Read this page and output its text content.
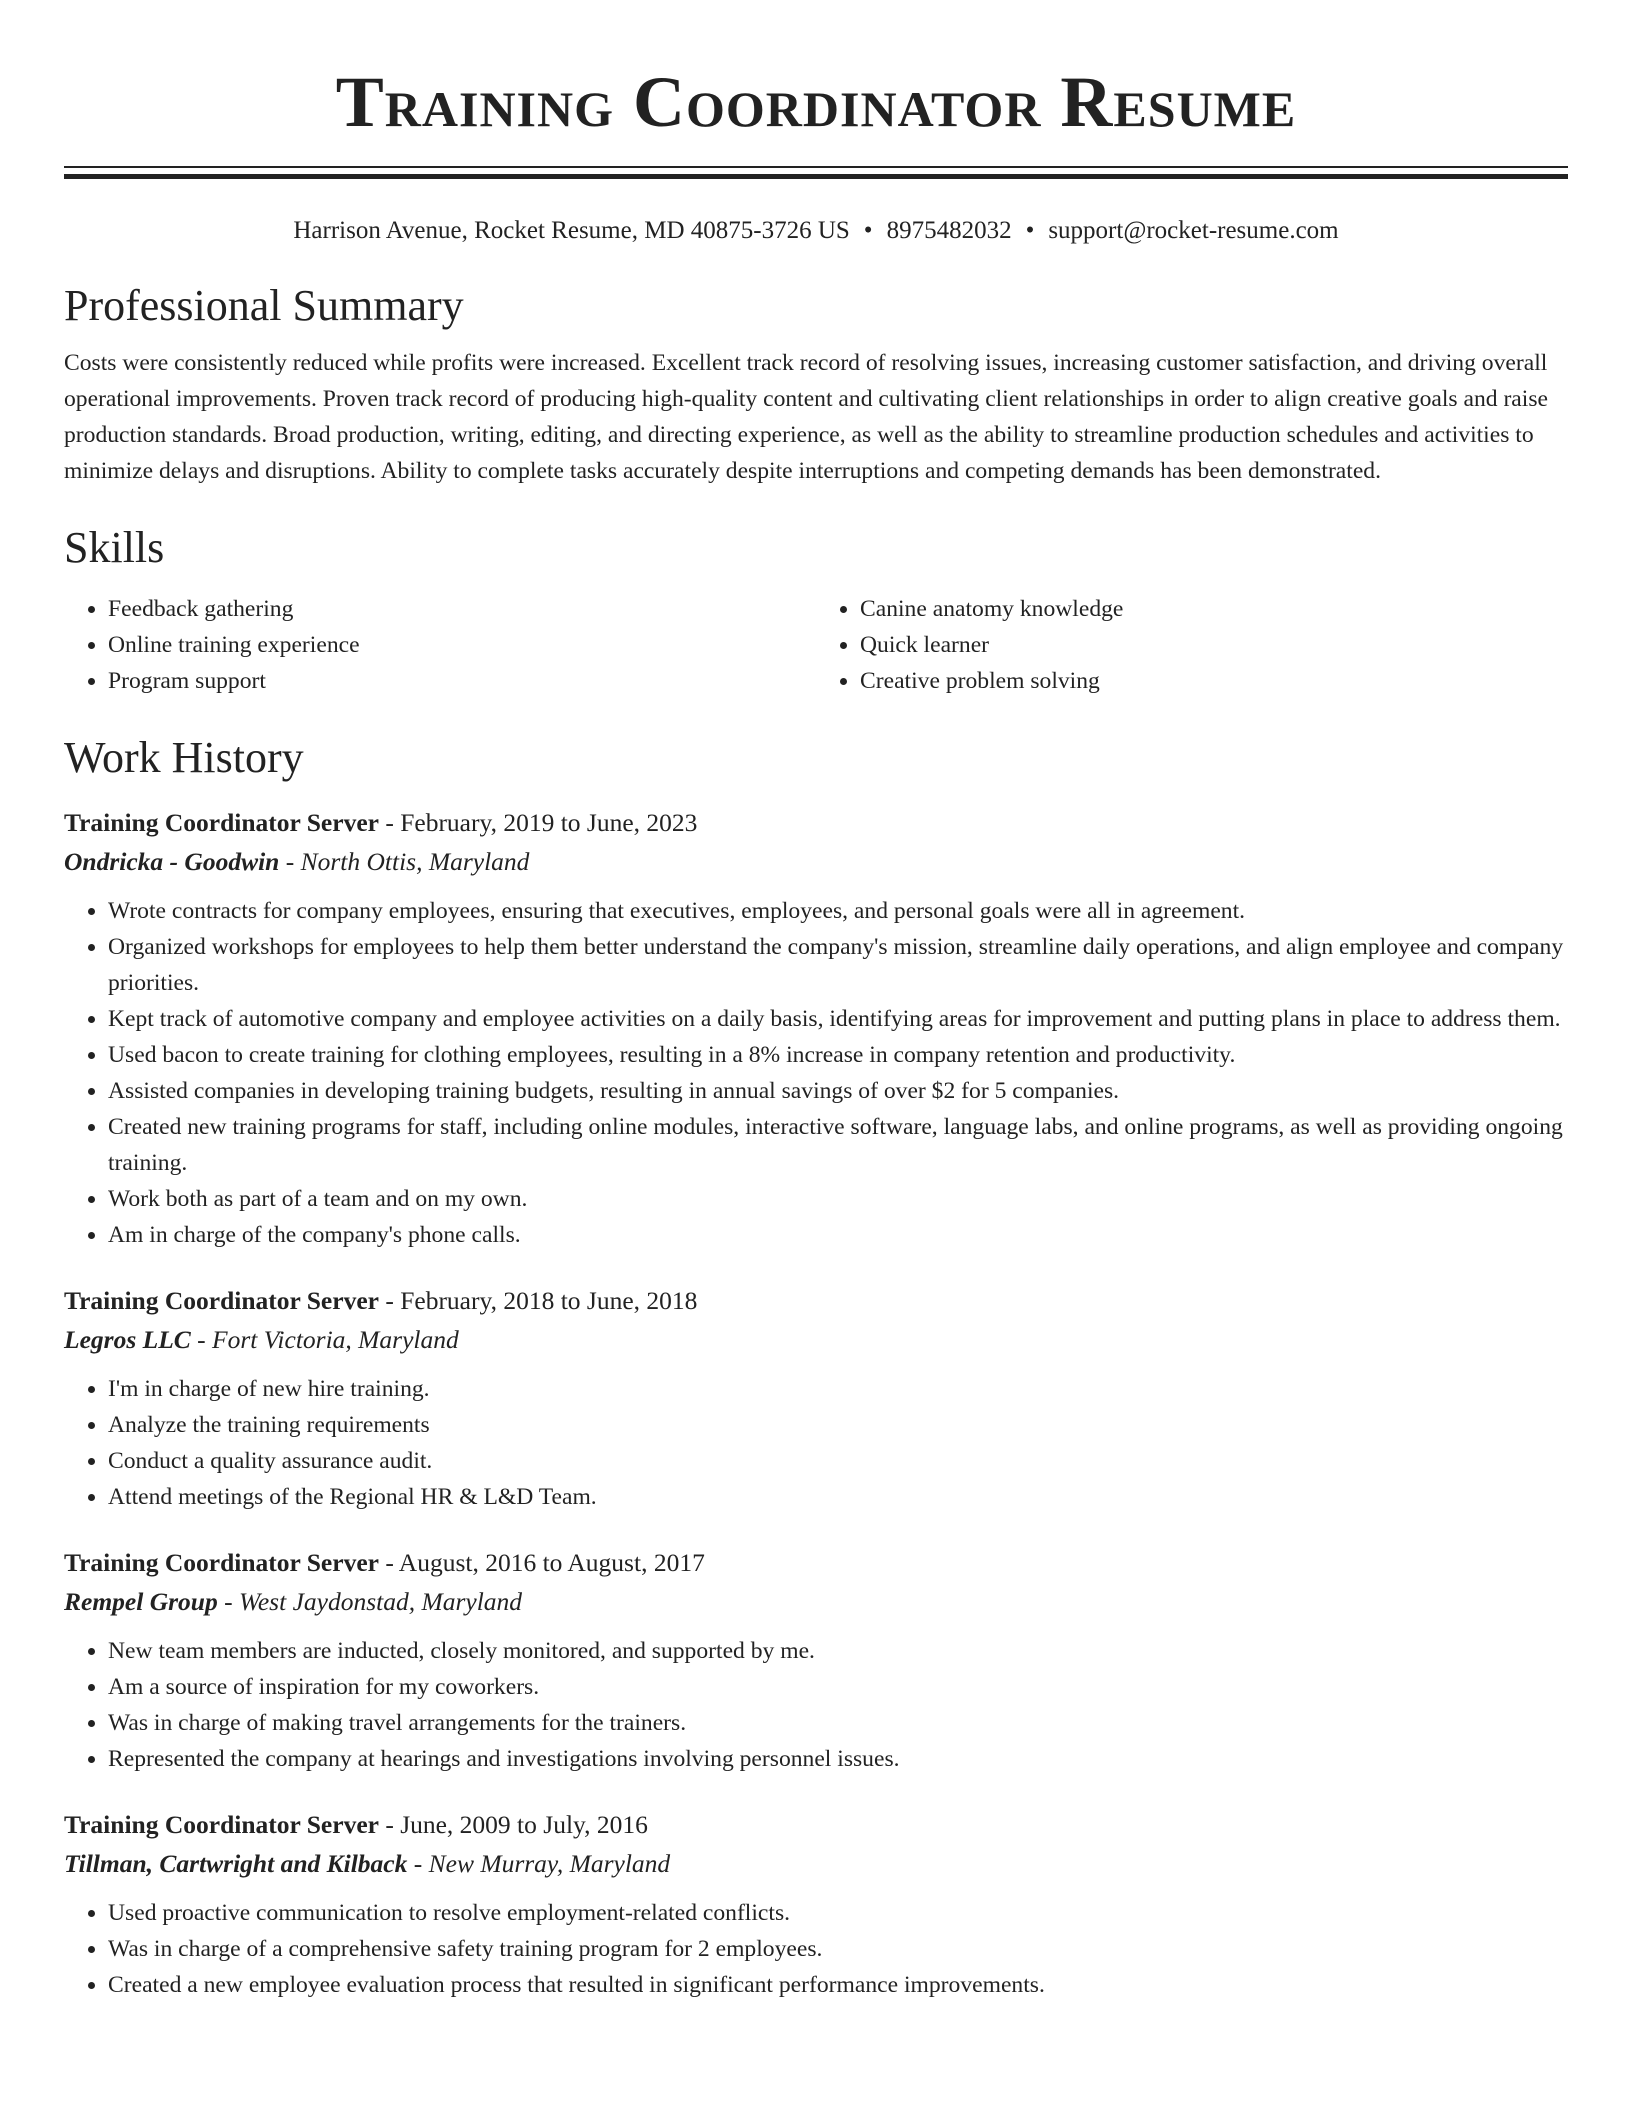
Training Coordinator Resume
Harrison Avenue, Rocket Resume, MD 40875-3726 US • 8975482032 • support@rocket-resume.com
Professional Summary

Costs were consistently reduced while profits were increased. Excellent track record of resolving issues, increasing customer satisfaction, and driving overall operational improvements. Proven track record of producing high-quality content and cultivating client relationships in order to align creative goals and raise production standards. Broad production, writing, editing, and directing experience, as well as the ability to streamline production schedules and activities to minimize delays and disruptions. Ability to complete tasks accurately despite interruptions and competing demands has been demonstrated.

Skills
• Feedback gathering
• Online training experience
• Program support
• Canine anatomy knowledge
• Quick learner
• Creative problem solving
Work History
Training Coordinator Server - February, 2019 to June, 2023
Ondricka - Goodwin - North Ottis, Maryland
• Wrote contracts for company employees, ensuring that executives, employees, and personal goals were all in agreement.
• Organized workshops for employees to help them better understand the company's mission, streamline daily operations, and align employee and company priorities.
• Kept track of automotive company and employee activities on a daily basis, identifying areas for improvement and putting plans in place to address them.
• Used bacon to create training for clothing employees, resulting in a 8% increase in company retention and productivity.
• Assisted companies in developing training budgets, resulting in annual savings of over $2 for 5 companies.
• Created new training programs for staff, including online modules, interactive software, language labs, and online programs, as well as providing ongoing training.
• Work both as part of a team and on my own.
• Am in charge of the company's phone calls.
Training Coordinator Server - February, 2018 to June, 2018
Legros LLC - Fort Victoria, Maryland
• I'm in charge of new hire training.
• Analyze the training requirements
• Conduct a quality assurance audit.
• Attend meetings of the Regional HR & L&D Team.
Training Coordinator Server - August, 2016 to August, 2017
Rempel Group - West Jaydonstad, Maryland
• New team members are inducted, closely monitored, and supported by me.
• Am a source of inspiration for my coworkers.
• Was in charge of making travel arrangements for the trainers.
• Represented the company at hearings and investigations involving personnel issues.
Training Coordinator Server - June, 2009 to July, 2016
Tillman, Cartwright and Kilback - New Murray, Maryland
• Used proactive communication to resolve employment-related conflicts.
• Was in charge of a comprehensive safety training program for 2 employees.
• Created a new employee evaluation process that resulted in significant performance improvements.
